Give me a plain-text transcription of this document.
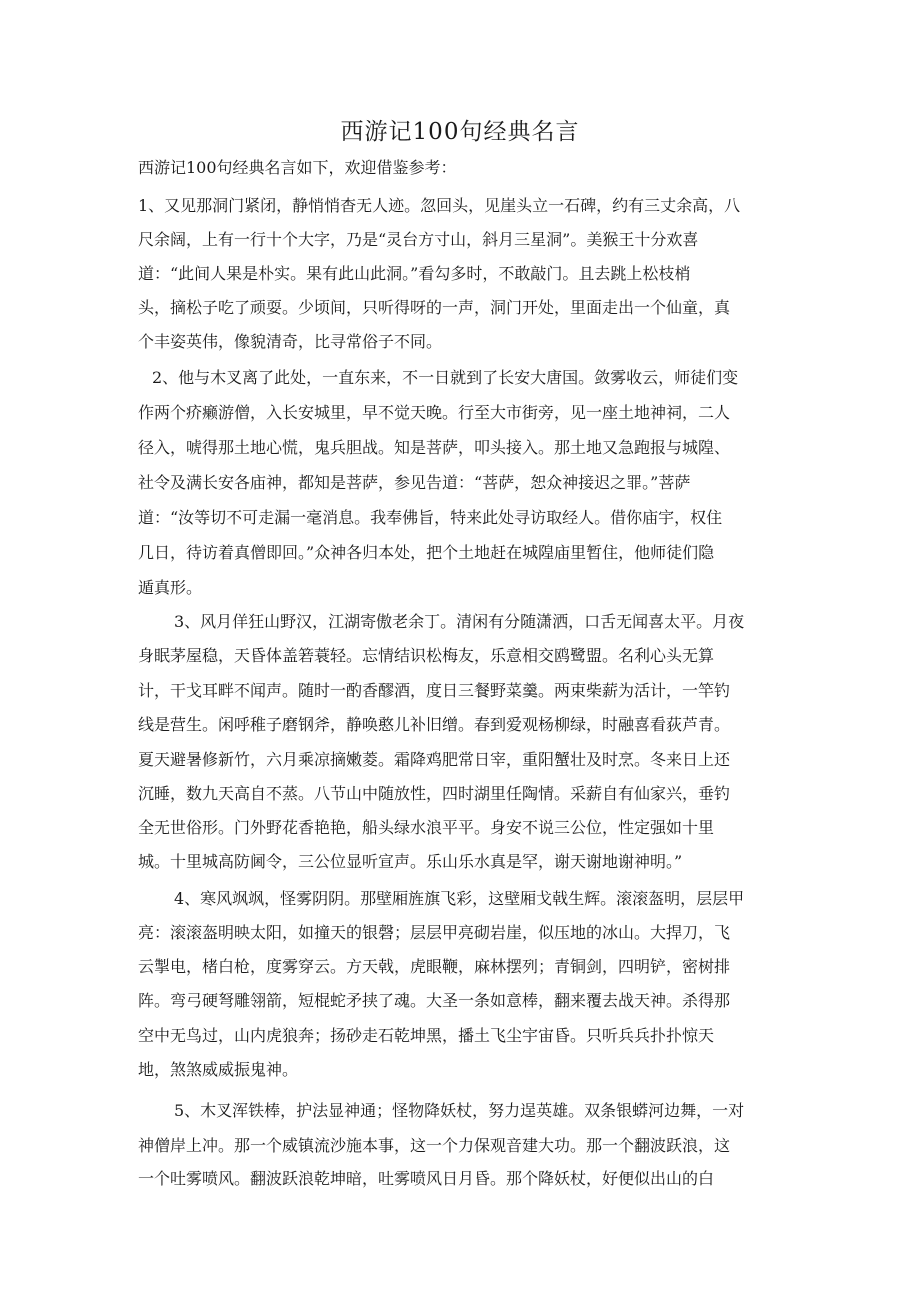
西游记100句经典名言
西游记100句经典名言如下，欢迎借鉴参考：
1、又见那洞门紧闭，静悄悄杳无人迹。忽回头，见崖头立一石碑，约有三丈余高，八
尺余阔，上有一行十个大字，乃是“灵台方寸山，斜月三星洞”。美猴王十分欢喜
道：“此间人果是朴实。果有此山此洞。”看勾多时，不敢敲门。且去跳上松枝梢
头，摘松子吃了顽耍。少顷间，只听得呀的一声，洞门开处，里面走出一个仙童，真
个丰姿英伟，像貌清奇，比寻常俗子不同。
2、他与木叉离了此处，一直东来，不一日就到了长安大唐国。敛雾收云，师徒们变
作两个疥癞游僧，入长安城里，早不觉天晚。行至大市街旁，见一座土地神祠，二人
径入，唬得那土地心慌，鬼兵胆战。知是菩萨，叩头接入。那土地又急跑报与城隍、
社令及满长安各庙神，都知是菩萨，参见告道：“菩萨，恕众神接迟之罪。”菩萨
道：“汝等切不可走漏一毫消息。我奉佛旨，特来此处寻访取经人。借你庙宇，权住
几日，待访着真僧即回。”众神各归本处，把个土地赶在城隍庙里暂住，他师徒们隐
遁真形。
3、风月佯狂山野汉，江湖寄傲老余丁。清闲有分随潇洒，口舌无闻喜太平。月夜
身眠茅屋稳，天昏体盖箬蓑轻。忘情结识松梅友，乐意相交鸥鹭盟。名利心头无算
计，干戈耳畔不闻声。随时一酌香醪酒，度日三餐野菜羹。两束柴薪为活计，一竿钓
线是营生。闲呼稚子磨钢斧，静唤憨儿补旧缯。春到爱观杨柳绿，时融喜看荻芦青。
夏天避暑修新竹，六月乘凉摘嫩菱。霜降鸡肥常日宰，重阳蟹壮及时烹。冬来日上还
沉睡，数九天高自不蒸。八节山中随放性，四时湖里任陶情。采薪自有仙家兴，垂钓
全无世俗形。门外野花香艳艳，船头绿水浪平平。身安不说三公位，性定强如十里
城。十里城高防阃令，三公位显听宣声。乐山乐水真是罕，谢天谢地谢神明。”
4、寒风飒飒，怪雾阴阴。那壁厢旌旗飞彩，这壁厢戈戟生辉。滚滚盔明，层层甲
亮：滚滚盔明映太阳，如撞天的银磬；层层甲亮砌岩崖，似压地的冰山。大捍刀，飞
云掣电，楮白枪，度雾穿云。方天戟，虎眼鞭，麻林摆列；青铜剑，四明铲，密树排
阵。弯弓硬弩雕翎箭，短棍蛇矛挟了魂。大圣一条如意棒，翻来覆去战天神。杀得那
空中无鸟过，山内虎狼奔；扬砂走石乾坤黑，播土飞尘宇宙昏。只听兵兵扑扑惊天
地，煞煞威威振鬼神。
5、木叉浑铁棒，护法显神通；怪物降妖杖，努力逞英雄。双条银蟒河边舞，一对
神僧岸上冲。那一个威镇流沙施本事，这一个力保观音建大功。那一个翻波跃浪，这
一个吐雾喷风。翻波跃浪乾坤暗，吐雾喷风日月昏。那个降妖杖，好便似出山的白
